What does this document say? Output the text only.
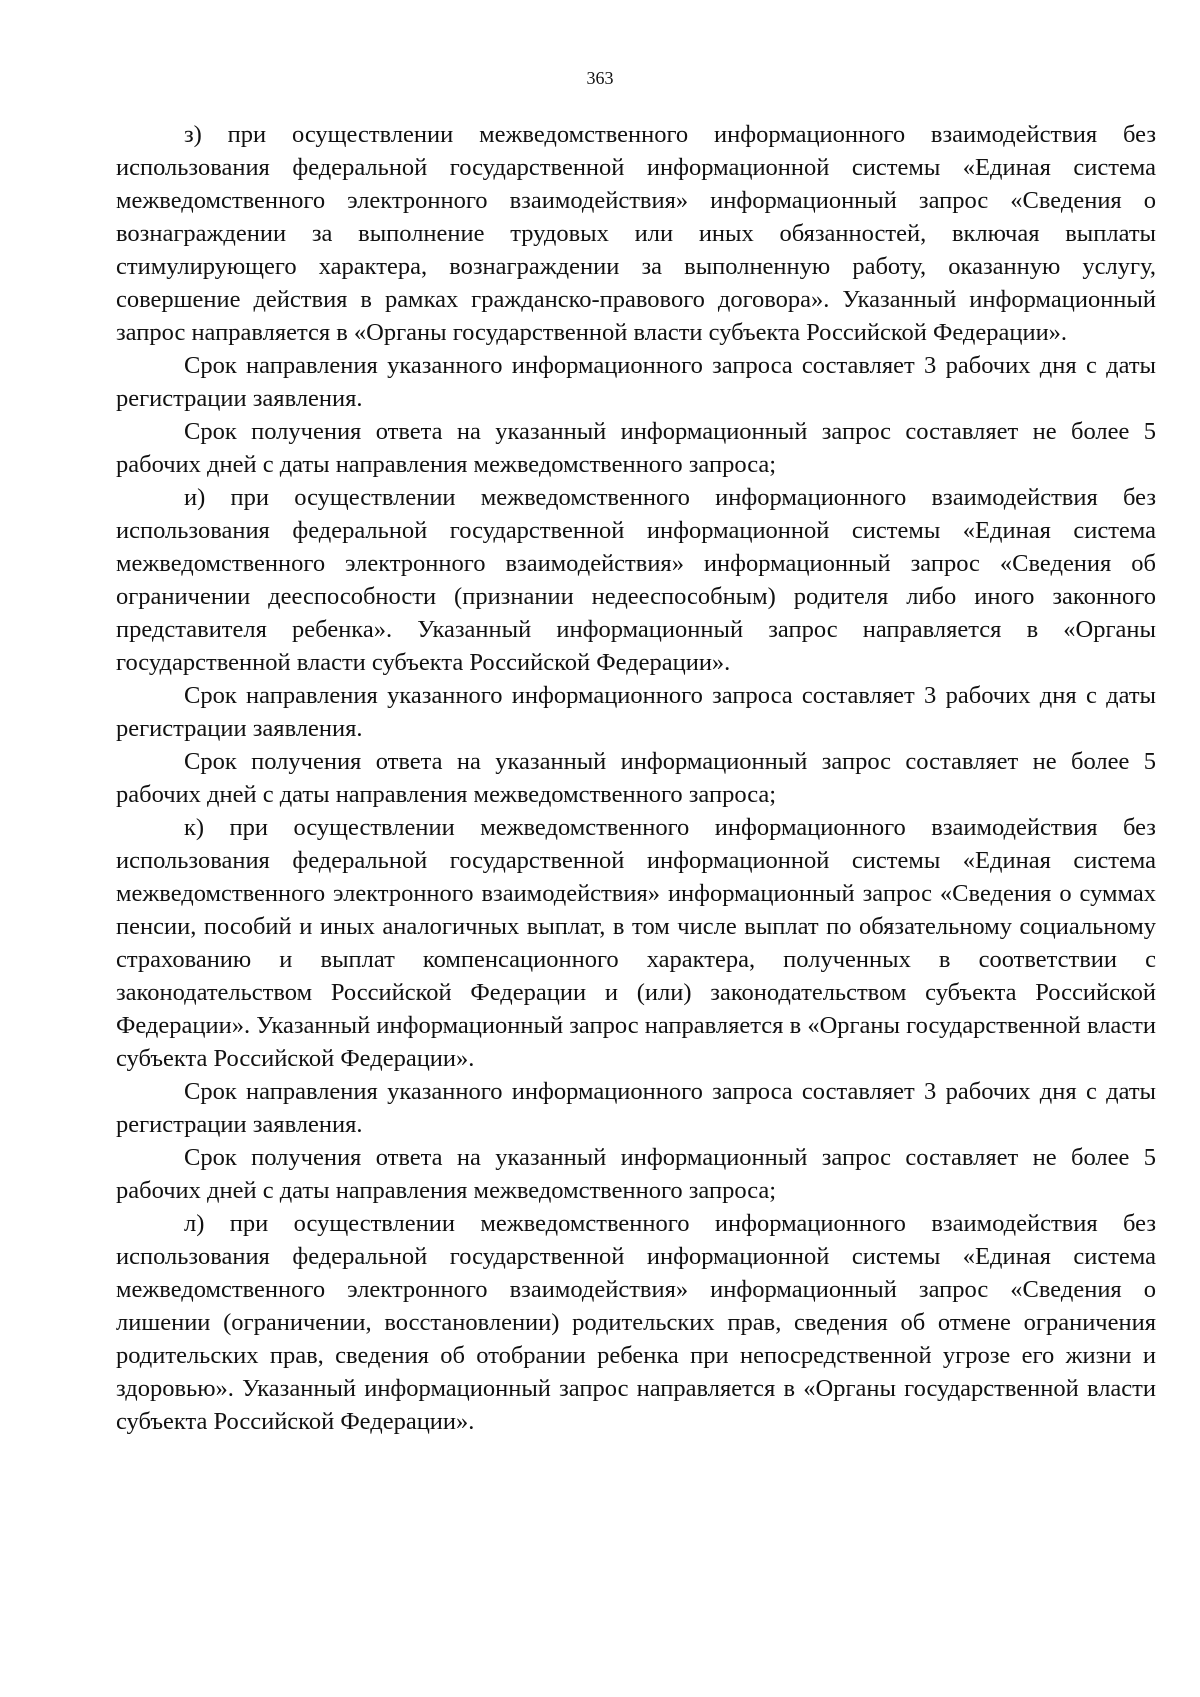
363

з) при осуществлении межведомственного информационного взаимодействия без использования федеральной государственной информационной системы «Единая система межведомственного электронного взаимодействия» информационный запрос «Сведения о вознаграждении за выполнение трудовых или иных обязанностей, включая выплаты стимулирующего характера, вознаграждении за выполненную работу, оказанную услугу, совершение действия в рамках гражданско-правового договора». Указанный информационный запрос направляется в «Органы государственной власти субъекта Российской Федерации».

Срок направления указанного информационного запроса составляет 3 рабочих дня с даты регистрации заявления.

Срок получения ответа на указанный информационный запрос составляет не более 5 рабочих дней с даты направления межведомственного запроса;

и) при осуществлении межведомственного информационного взаимодействия без использования федеральной государственной информационной системы «Единая система межведомственного электронного взаимодействия» информационный запрос «Сведения об ограничении дееспособности (признании недееспособным) родителя либо иного законного представителя ребенка». Указанный информационный запрос направляется в «Органы государственной власти субъекта Российской Федерации».

Срок направления указанного информационного запроса составляет 3 рабочих дня с даты регистрации заявления.

Срок получения ответа на указанный информационный запрос составляет не более 5 рабочих дней с даты направления межведомственного запроса;

к) при осуществлении межведомственного информационного взаимодействия без использования федеральной государственной информационной системы «Единая система межведомственного электронного взаимодействия» информационный запрос «Сведения о суммах пенсии, пособий и иных аналогичных выплат, в том числе выплат по обязательному социальному страхованию и выплат компенсационного характера, полученных в соответствии с законодательством Российской Федерации и (или) законодательством субъекта Российской Федерации». Указанный информационный запрос направляется в «Органы государственной власти субъекта Российской Федерации».

Срок направления указанного информационного запроса составляет 3 рабочих дня с даты регистрации заявления.

Срок получения ответа на указанный информационный запрос составляет не более 5 рабочих дней с даты направления межведомственного запроса;

л) при осуществлении межведомственного информационного взаимодействия без использования федеральной государственной информационной системы «Единая система межведомственного электронного взаимодействия» информационный запрос «Сведения о лишении (ограничении, восстановлении) родительских прав, сведения об отмене ограничения родительских прав, сведения об отобрании ребенка при непосредственной угрозе его жизни и здоровью». Указанный информационный запрос направляется в «Органы государственной власти субъекта Российской Федерации».
